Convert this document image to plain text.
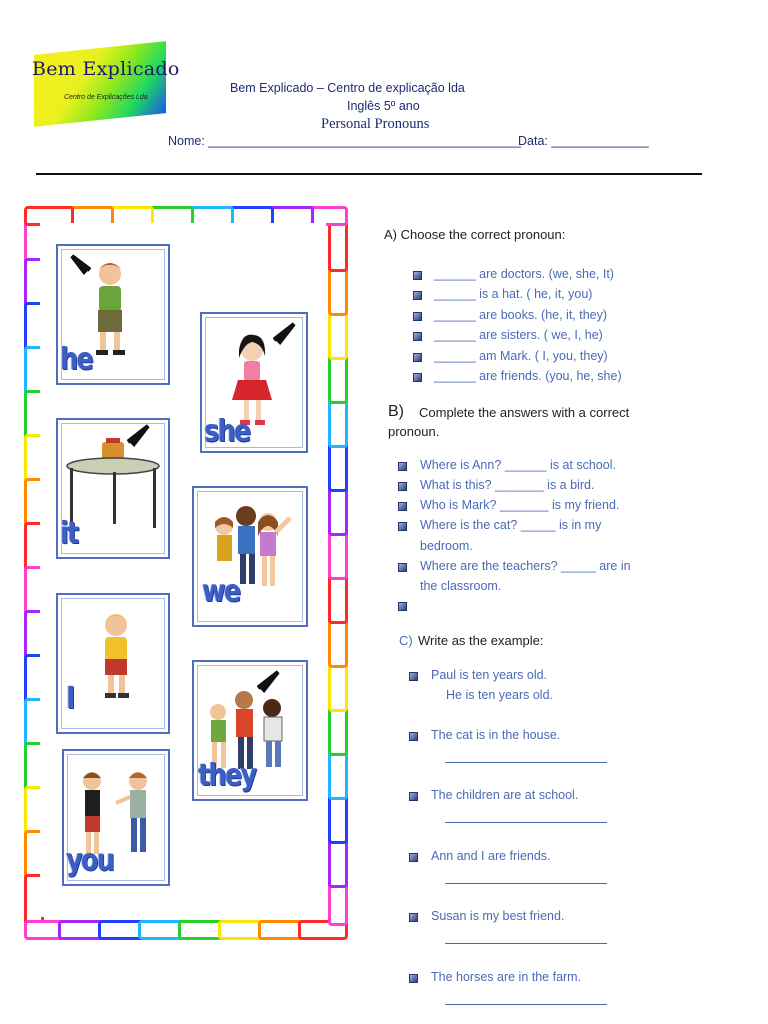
Bem Explicado
Centro de Explicações Lda
Bem Explicado – Centro de explicação lda
Inglês 5º ano
Personal Pronouns
Nome: _____________________________________________
Data: ______________
he
she
it
we
I
they
you
A) Choose the correct pronoun:
B) Complete the answers with a correct
pronoun.
C) Write as the example:
______ are doctors. (we, she, It)
______ is a hat. ( he, it, you)
______ are books. (he, it, they)
______ are sisters. ( we, I, he)
______ am Mark. ( I, you, they)
______ are friends. (you, he, she)
Where is Ann? ______ is at school.
What is this? _______ is a bird.
Who is Mark? _______ is my friend.
Where is the cat? _____ is in my
bedroom.
Where are the teachers? _____ are in
the classroom.
Paul is ten years old.
He is ten years old.
The cat is in the house.
The children are at school.
Ann and I are friends.
Susan is my best friend.
The horses are in the farm.
